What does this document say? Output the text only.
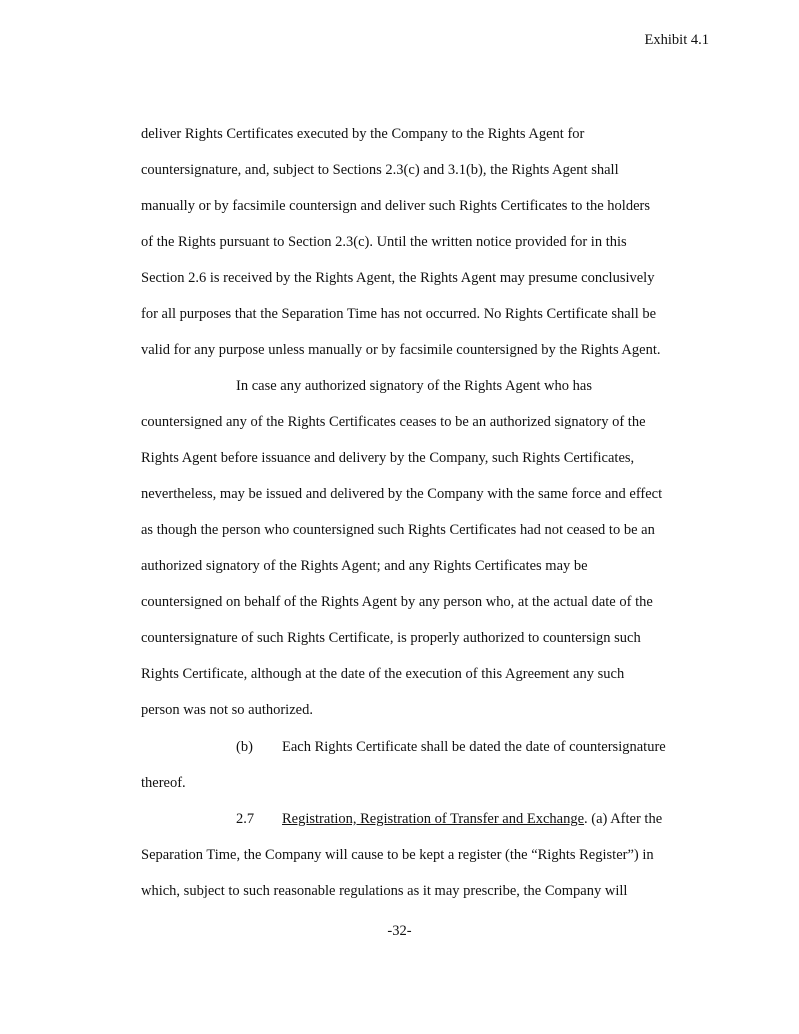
Exhibit 4.1
deliver Rights Certificates executed by the Company to the Rights Agent for
countersignature, and, subject to Sections 2.3(c) and 3.1(b), the Rights Agent shall
manually or by facsimile countersign and deliver such Rights Certificates to the holders
of the Rights pursuant to Section 2.3(c). Until the written notice provided for in this
Section 2.6 is received by the Rights Agent, the Rights Agent may presume conclusively
for all purposes that the Separation Time has not occurred. No Rights Certificate shall be
valid for any purpose unless manually or by facsimile countersigned by the Rights Agent.
In case any authorized signatory of the Rights Agent who has
countersigned any of the Rights Certificates ceases to be an authorized signatory of the
Rights Agent before issuance and delivery by the Company, such Rights Certificates,
nevertheless, may be issued and delivered by the Company with the same force and effect
as though the person who countersigned such Rights Certificates had not ceased to be an
authorized signatory of the Rights Agent; and any Rights Certificates may be
countersigned on behalf of the Rights Agent by any person who, at the actual date of the
countersignature of such Rights Certificate, is properly authorized to countersign such
Rights Certificate, although at the date of the execution of this Agreement any such
person was not so authorized.
(b) Each Rights Certificate shall be dated the date of countersignature
thereof.
2.7 Registration, Registration of Transfer and Exchange. (a) After the
Separation Time, the Company will cause to be kept a register (the “Rights Register”) in
which, subject to such reasonable regulations as it may prescribe, the Company will
-32-
